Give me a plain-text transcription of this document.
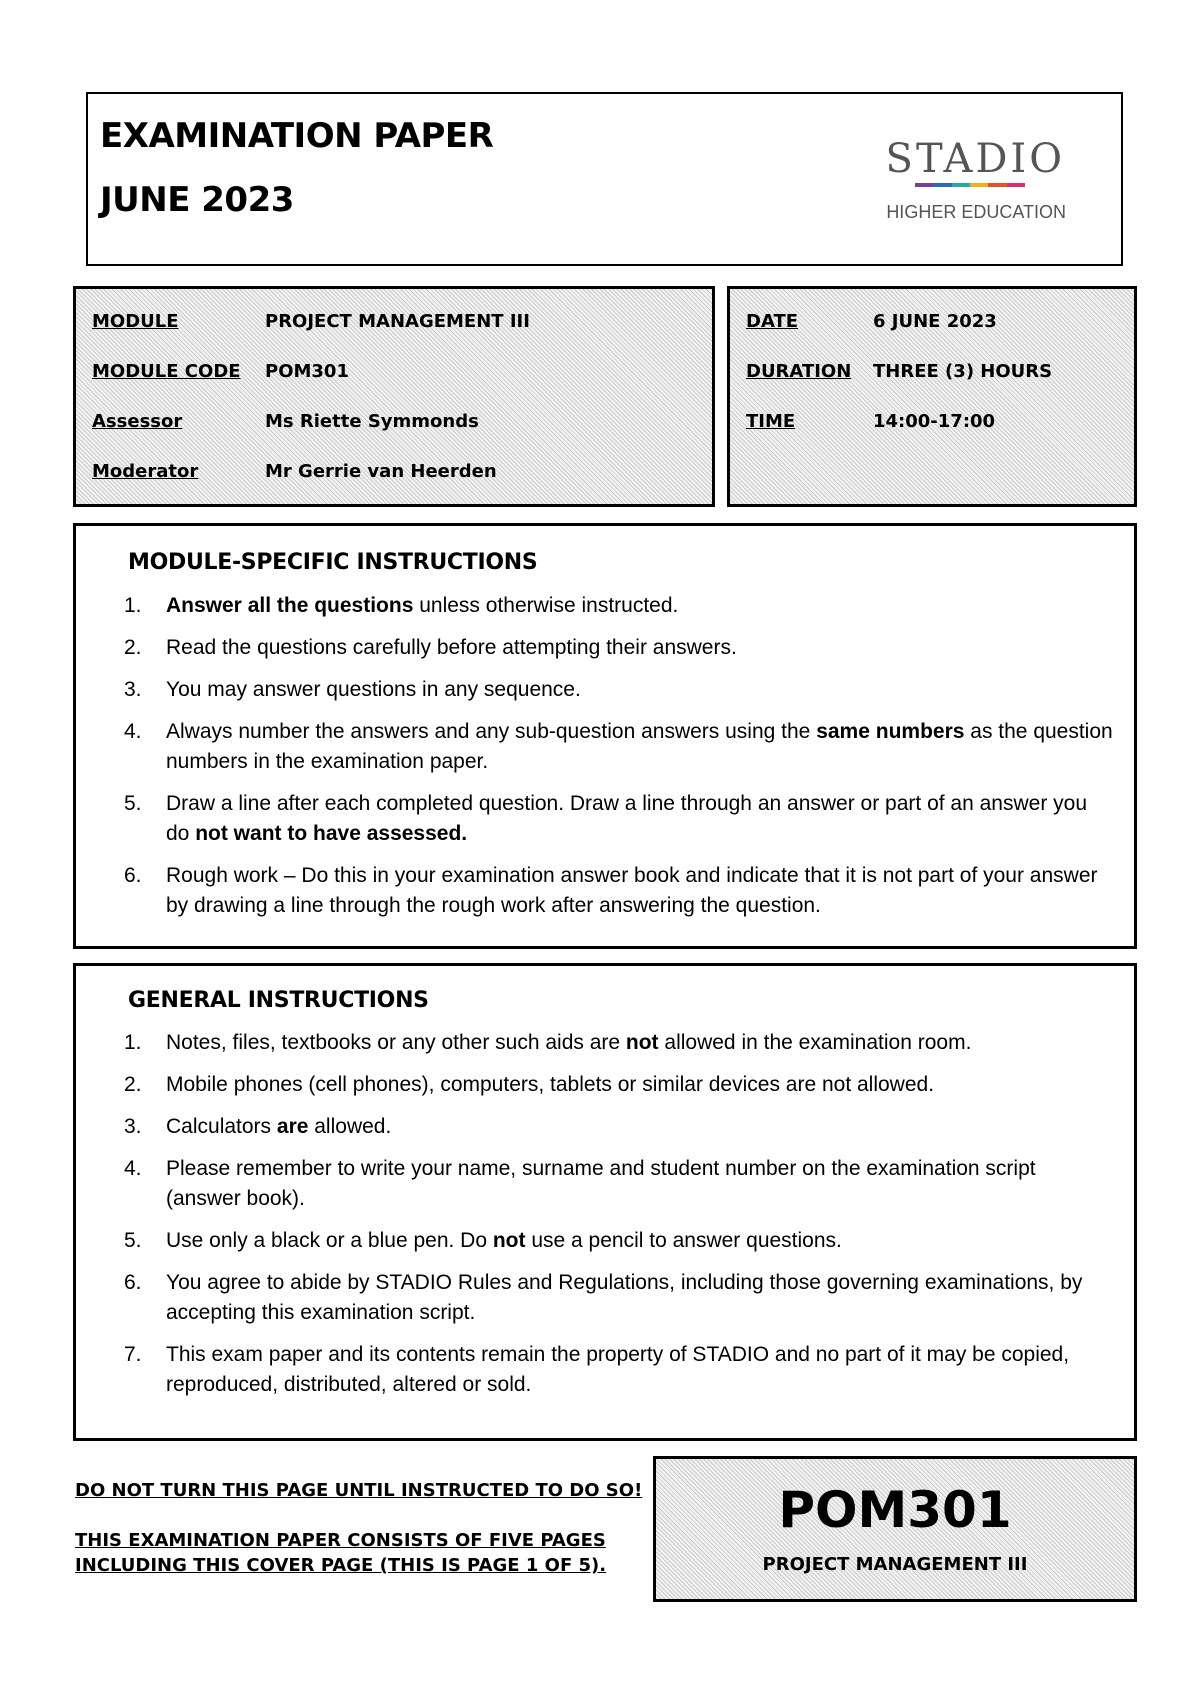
EXAMINATION PAPER
JUNE 2023
STADIO
HIGHER EDUCATION
MODULE	PROJECT MANAGEMENT III
MODULE CODE POM301
Assessor	Ms Riette Symmonds
Moderator	Mr Gerrie van Heerden
DATE	6 JUNE 2023
DURATION THREE (3) HOURS
TIME	14:00-17:00
MODULE-SPECIFIC INSTRUCTIONS
1. Answer all the questions unless otherwise instructed.
2. Read the questions carefully before attempting their answers.
3. You may answer questions in any sequence.
4. Always number the answers and any sub-question answers using the same numbers as the question numbers in the examination paper.
5. Draw a line after each completed question. Draw a line through an answer or part of an answer you do not want to have assessed.
6. Rough work – Do this in your examination answer book and indicate that it is not part of your answer by drawing a line through the rough work after answering the question.
GENERAL INSTRUCTIONS
1. Notes, files, textbooks or any other such aids are not allowed in the examination room.
2. Mobile phones (cell phones), computers, tablets or similar devices are not allowed.
3. Calculators are allowed.
4. Please remember to write your name, surname and student number on the examination script (answer book).
5. Use only a black or a blue pen. Do not use a pencil to answer questions.
6. You agree to abide by STADIO Rules and Regulations, including those governing examinations, by accepting this examination script.
7. This exam paper and its contents remain the property of STADIO and no part of it may be copied, reproduced, distributed, altered or sold.
DO NOT TURN THIS PAGE UNTIL INSTRUCTED TO DO SO!
THIS EXAMINATION PAPER CONSISTS OF FIVE PAGES
INCLUDING THIS COVER PAGE (THIS IS PAGE 1 OF 5).
POM301
PROJECT MANAGEMENT III
